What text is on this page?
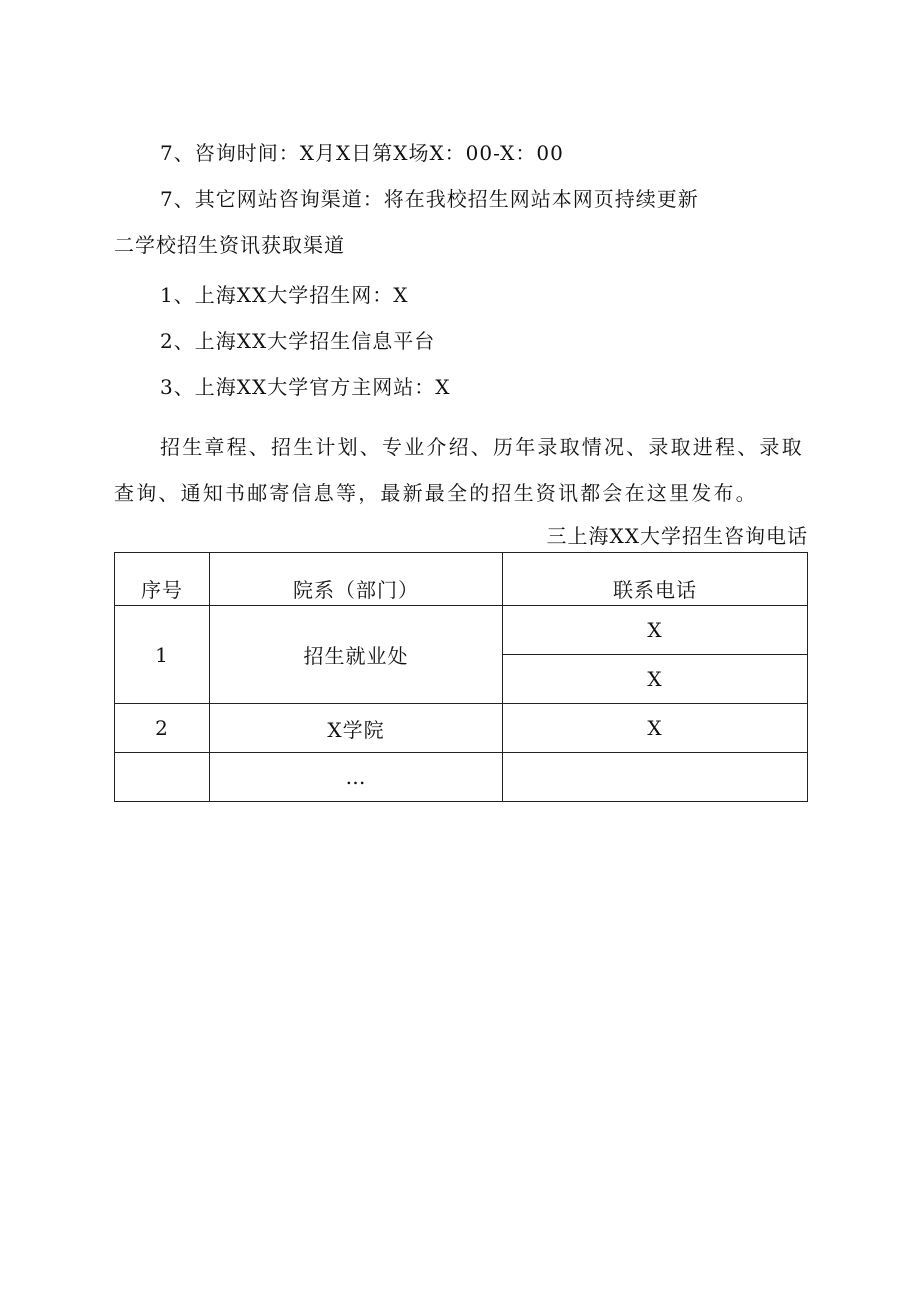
7、咨询时间：X月X日第X场X：00-X：00
7、其它网站咨询渠道：将在我校招生网站本网页持续更新
二学校招生资讯获取渠道
1、上海XX大学招生网：X
2、上海XX大学招生信息平台
3、上海XX大学官方主网站：X
招生章程、招生计划、专业介绍、历年录取情况、录取进程、录取查询、通知书邮寄信息等，最新最全的招生资讯都会在这里发布。
三上海XX大学招生咨询电话
序号	院系（部门）	联系电话
1	招生就业处	X
		X
2	X学院	X
	…	
